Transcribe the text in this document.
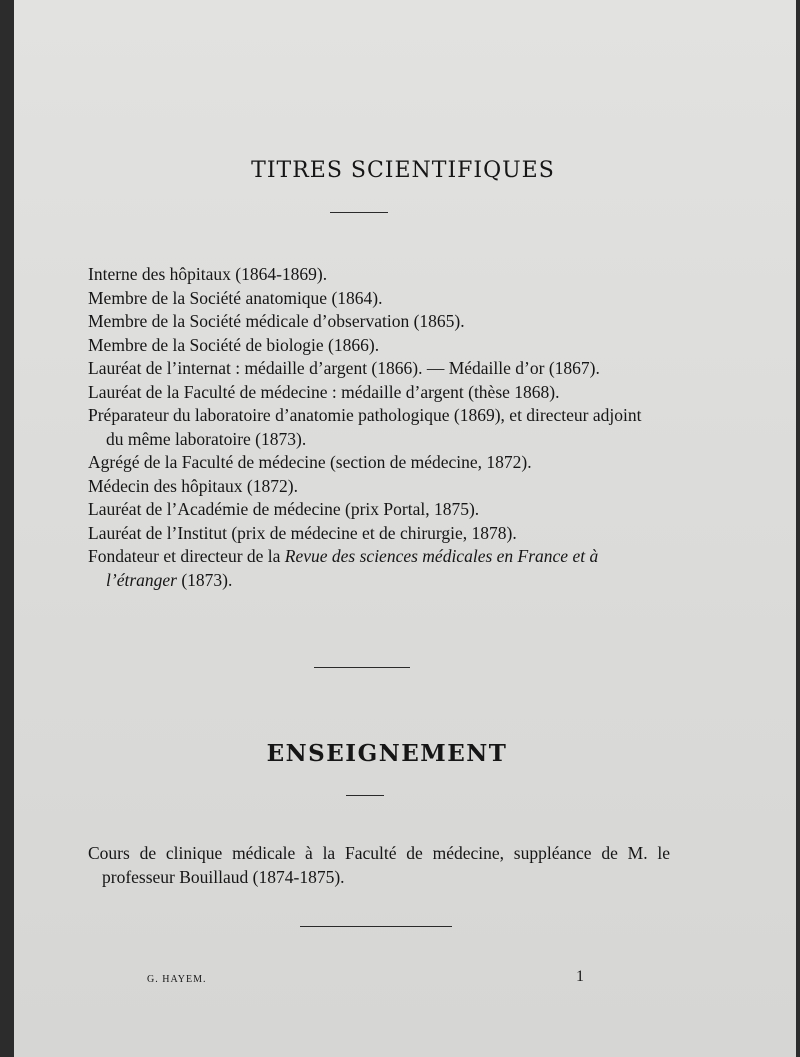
TITRES SCIENTIFIQUES
Interne des hôpitaux (1864-1869).
Membre de la Société anatomique (1864).
Membre de la Société médicale d’observation (1865).
Membre de la Société de biologie (1866).
Lauréat de l’internat : médaille d’argent (1866). — Médaille d’or (1867).
Lauréat de la Faculté de médecine : médaille d’argent (thèse 1868).
Préparateur du laboratoire d’anatomie pathologique (1869), et directeur adjoint du même laboratoire (1873).
Agrégé de la Faculté de médecine (section de médecine, 1872).
Médecin des hôpitaux (1872).
Lauréat de l’Académie de médecine (prix Portal, 1875).
Lauréat de l’Institut (prix de médecine et de chirurgie, 1878).
Fondateur et directeur de la Revue des sciences médicales en France et à l’étranger (1873).
ENSEIGNEMENT

Cours de clinique médicale à la Faculté de médecine, suppléance de M. le professeur Bouillaud (1874-1875).

G. HAYEM.	1
